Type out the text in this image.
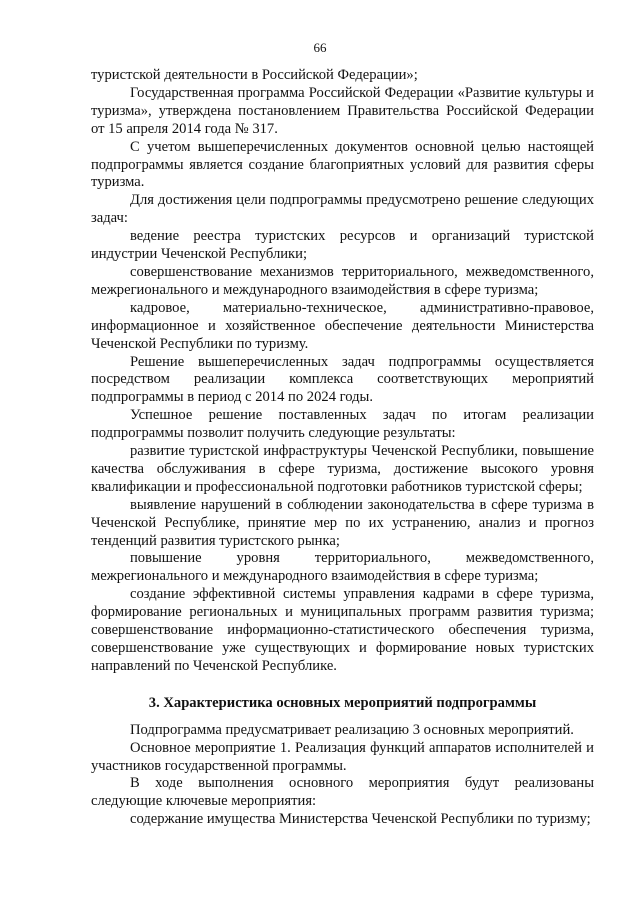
66

туристской деятельности в Российской Федерации»;

Государственная программа Российской Федерации «Развитие культуры и туризма», утверждена постановлением Правительства Российской Федерации от 15 апреля 2014 года № 317.

С учетом вышеперечисленных документов основной целью настоящей подпрограммы является создание благоприятных условий для развития сферы туризма.

Для достижения цели подпрограммы предусмотрено решение следующих задач:

ведение реестра туристских ресурсов и организаций туристской индустрии Чеченской Республики;

совершенствование механизмов территориального, межведомственного, межрегионального и международного взаимодействия в сфере туризма;

кадровое, материально-техническое, административно-правовое, информационное и хозяйственное обеспечение деятельности Министерства Чеченской Республики по туризму.

Решение вышеперечисленных задач подпрограммы осуществляется посредством реализации комплекса соответствующих мероприятий подпрограммы в период с 2014 по 2024 годы.

Успешное решение поставленных задач по итогам реализации подпрограммы позволит получить следующие результаты:

развитие туристской инфраструктуры Чеченской Республики, повышение качества обслуживания в сфере туризма, достижение высокого уровня квалификации и профессиональной подготовки работников туристской сферы;

выявление нарушений в соблюдении законодательства в сфере туризма в Чеченской Республике, принятие мер по их устранению, анализ и прогноз тенденций развития туристского рынка;

повышение уровня территориального, межведомственного, межрегионального и международного взаимодействия в сфере туризма;

создание эффективной системы управления кадрами в сфере туризма, формирование региональных и муниципальных программ развития туризма; совершенствование информационно-статистического обеспечения туризма, совершенствование уже существующих и формирование новых туристских направлений по Чеченской Республике.

3. Характеристика основных мероприятий подпрограммы

Подпрограмма предусматривает реализацию 3 основных мероприятий.

Основное мероприятие 1. Реализация функций аппаратов исполнителей и участников государственной программы.

В ходе выполнения основного мероприятия будут реализованы следующие ключевые мероприятия:

содержание имущества Министерства Чеченской Республики по туризму;
